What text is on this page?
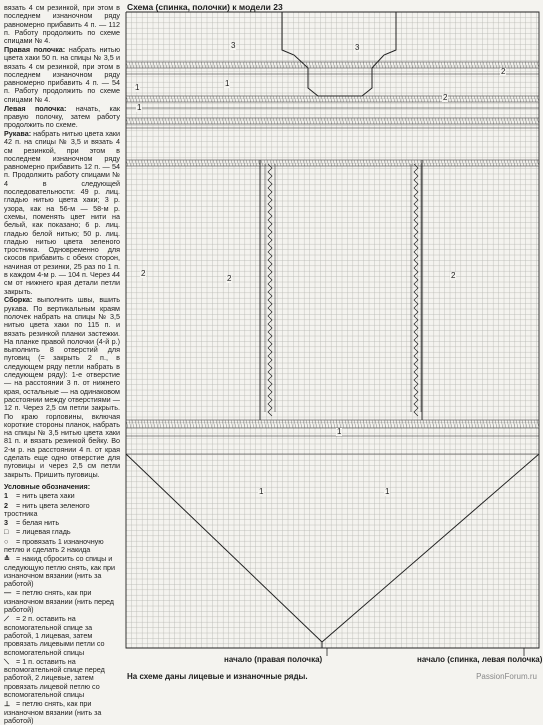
вязать 4 см резинкой, при этом в последнем изнаночном ряду равномерно прибавить 4 п. — 112 п. Работу продолжить по схеме спицами № 4.

Правая полочка: набрать нитью цвета хаки 50 п. на спицы № 3,5 и вязать 4 см резинкой, при этом в последнем изнаночном ряду равномерно прибавить 4 п. — 54 п. Работу продолжить по схеме спицами № 4.

Левая полочка: начать, как правую полочку, затем работу продолжить по схеме.

Рукава: набрать нитью цвета хаки 42 п. на спицы № 3,5 и вязать 4 см резинкой, при этом в последнем изнаночном ряду равномерно прибавить 12 п. — 54 п. Продолжить работу спицами № 4 в следующей последовательности: 49 р. лиц. гладью нитью цвета хаки; 3 р. узора, как на 56-м — 58-м р. схемы, поменять цвет нити на белый, как показано; 6 р. лиц. гладью белой нитью; 50 р. лиц. гладью нитью цвета зеленого тростника. Одновременно для скосов прибавить с обеих сторон, начиная от резинки, 25 раз по 1 п. в каждом 4-м р. — 104 п. Через 44 см от нижнего края детали петли закрыть.

Сборка: выполнить швы, вшить рукава. По вертикальным краям полочек набрать на спицы № 3,5 нитью цвета хаки по 115 п. и вязать резинкой планки застежки. На планке правой полочки (4-й р.) выполнить 8 отверстий для пуговиц (= закрыть 2 п., в следующем ряду петли набрать в следующем ряду): 1-е отверстие — на расстоянии 3 п. от нижнего края, остальные — на одинаковом расстоянии между отверстиями — 12 п. Через 2,5 см петли закрыть. По краю горловины, включая короткие стороны планок, набрать на спицы № 3,5 нитью цвета хаки 81 п. и вязать резинкой бейку. Во 2-м р. на расстоянии 4 п. от края сделать еще одно отверстие для пуговицы и через 2,5 см петли закрыть. Пришить пуговицы.

Условные обозначения:
1 = нить цвета хаки
2 = нить цвета зеленого тростника
3 = белая нить
□ = лицевая гладь
○ = провязать 1 изнаночную петлю и сделать 2 накида
≙ = накид сбросить со спицы и следующую петлю снять, как при изнаночном вязании (нить за работой)
— = петлю снять, как при изнаночном вязании (нить перед работой)
⟋ = 2 п. оставить на вспомогательной спице за работой, 1 лицевая, затем провязать лицевыми петли со вспомогательной спицы
⟍ = 1 п. оставить на вспомогательной спице перед работой, 2 лицевые, затем провязать лицевой петлю со вспомогательной спицы
⊥ = петлю снять, как при изнаночном вязании (нить за работой)
Схема (спинка, полочки) к модели 23
3	3
1
1
1
2
2
2
2	2
1
1	1
начало (правая полочка)	начало (спинка, левая полочка)
На схеме даны лицевые и изнаночные ряды.	PassionForum.ru
